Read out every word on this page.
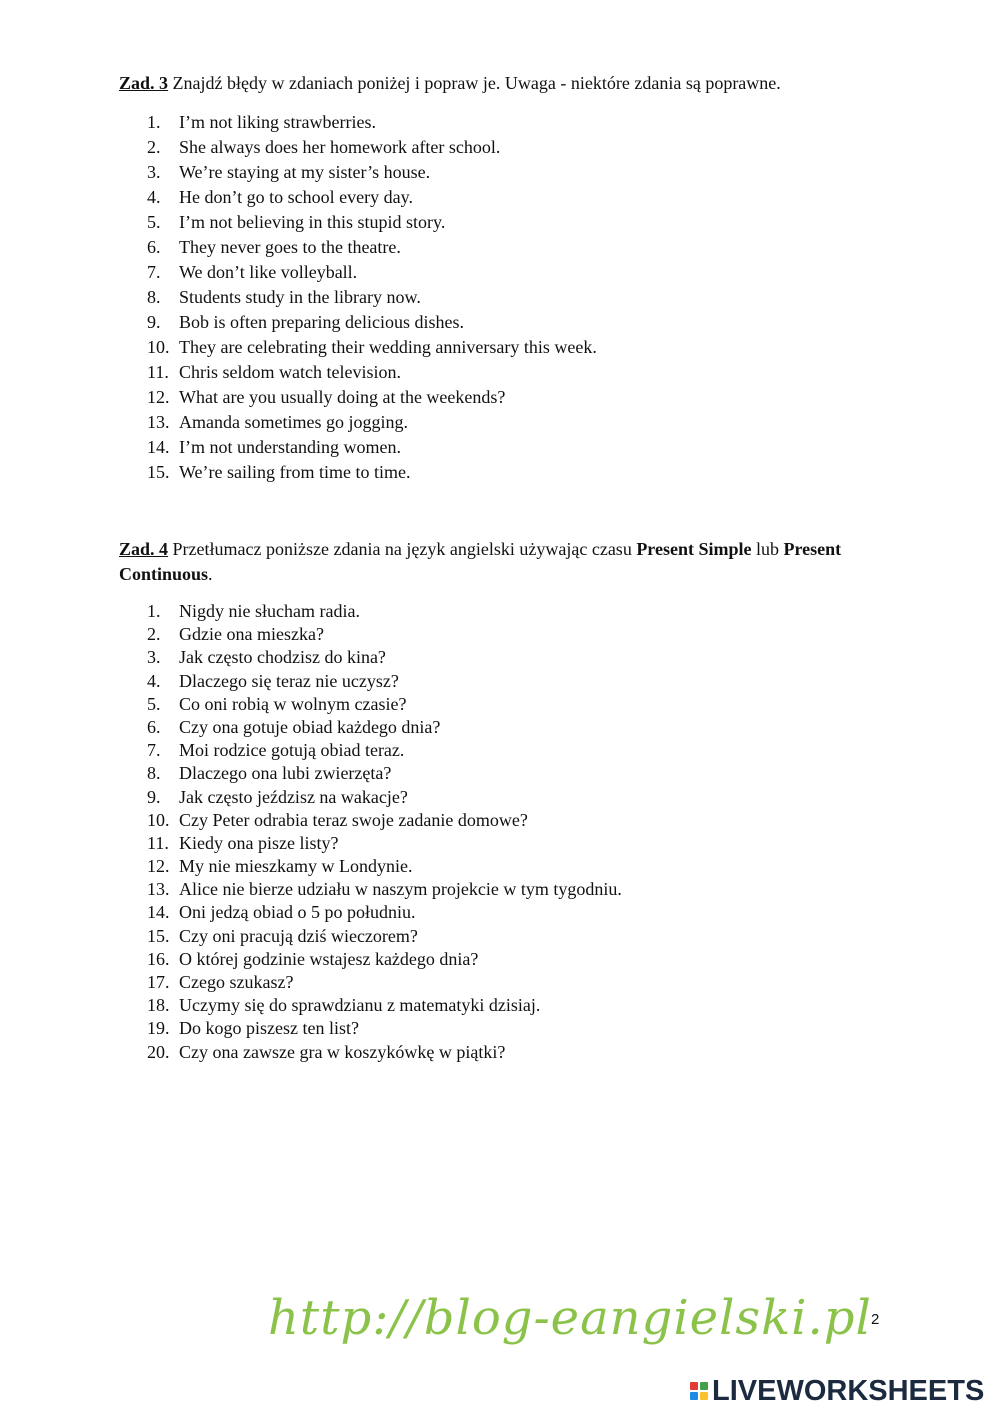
Zad. 3 Znajdź błędy w zdaniach poniżej i popraw je. Uwaga - niektóre zdania są poprawne.
1.	I’m not liking strawberries.
2.	She always does her homework after school.
3.	We’re staying at my sister’s house.
4.	He don’t go to school every day.
5.	I’m not believing in this stupid story.
6.	They never goes to the theatre.
7.	We don’t like volleyball.
8.	Students study in the library now.
9.	Bob is often preparing delicious dishes.
10. They are celebrating their wedding anniversary this week.
11. Chris seldom watch television.
12. What are you usually doing at the weekends?
13. Amanda sometimes go jogging.
14. I’m not understanding women.
15. We’re sailing from time to time.
Zad. 4 Przetłumacz poniższe zdania na język angielski używając czasu Present Simple lub Present Continuous.
1.	Nigdy nie słucham radia.
2.	Gdzie ona mieszka?
3.	Jak często chodzisz do kina?
4.	Dlaczego się teraz nie uczysz?
5.	Co oni robią w wolnym czasie?
6.	Czy ona gotuje obiad każdego dnia?
7.	Moi rodzice gotują obiad teraz.
8.	Dlaczego ona lubi zwierzęta?
9.	Jak często jeździsz na wakacje?
10. Czy Peter odrabia teraz swoje zadanie domowe?
11. Kiedy ona pisze listy?
12. My nie mieszkamy w Londynie.
13. Alice nie bierze udziału w naszym projekcie w tym tygodniu.
14. Oni jedzą obiad o 5 po południu.
15. Czy oni pracują dziś wieczorem?
16. O której godzinie wstajesz każdego dnia?
17. Czego szukasz?
18. Uczymy się do sprawdzianu z matematyki dzisiaj.
19. Do kogo piszesz ten list?
20. Czy ona zawsze gra w koszykówkę w piątki?
http://blog-eangielski.pl 2
LIVEWORKSHEETS
